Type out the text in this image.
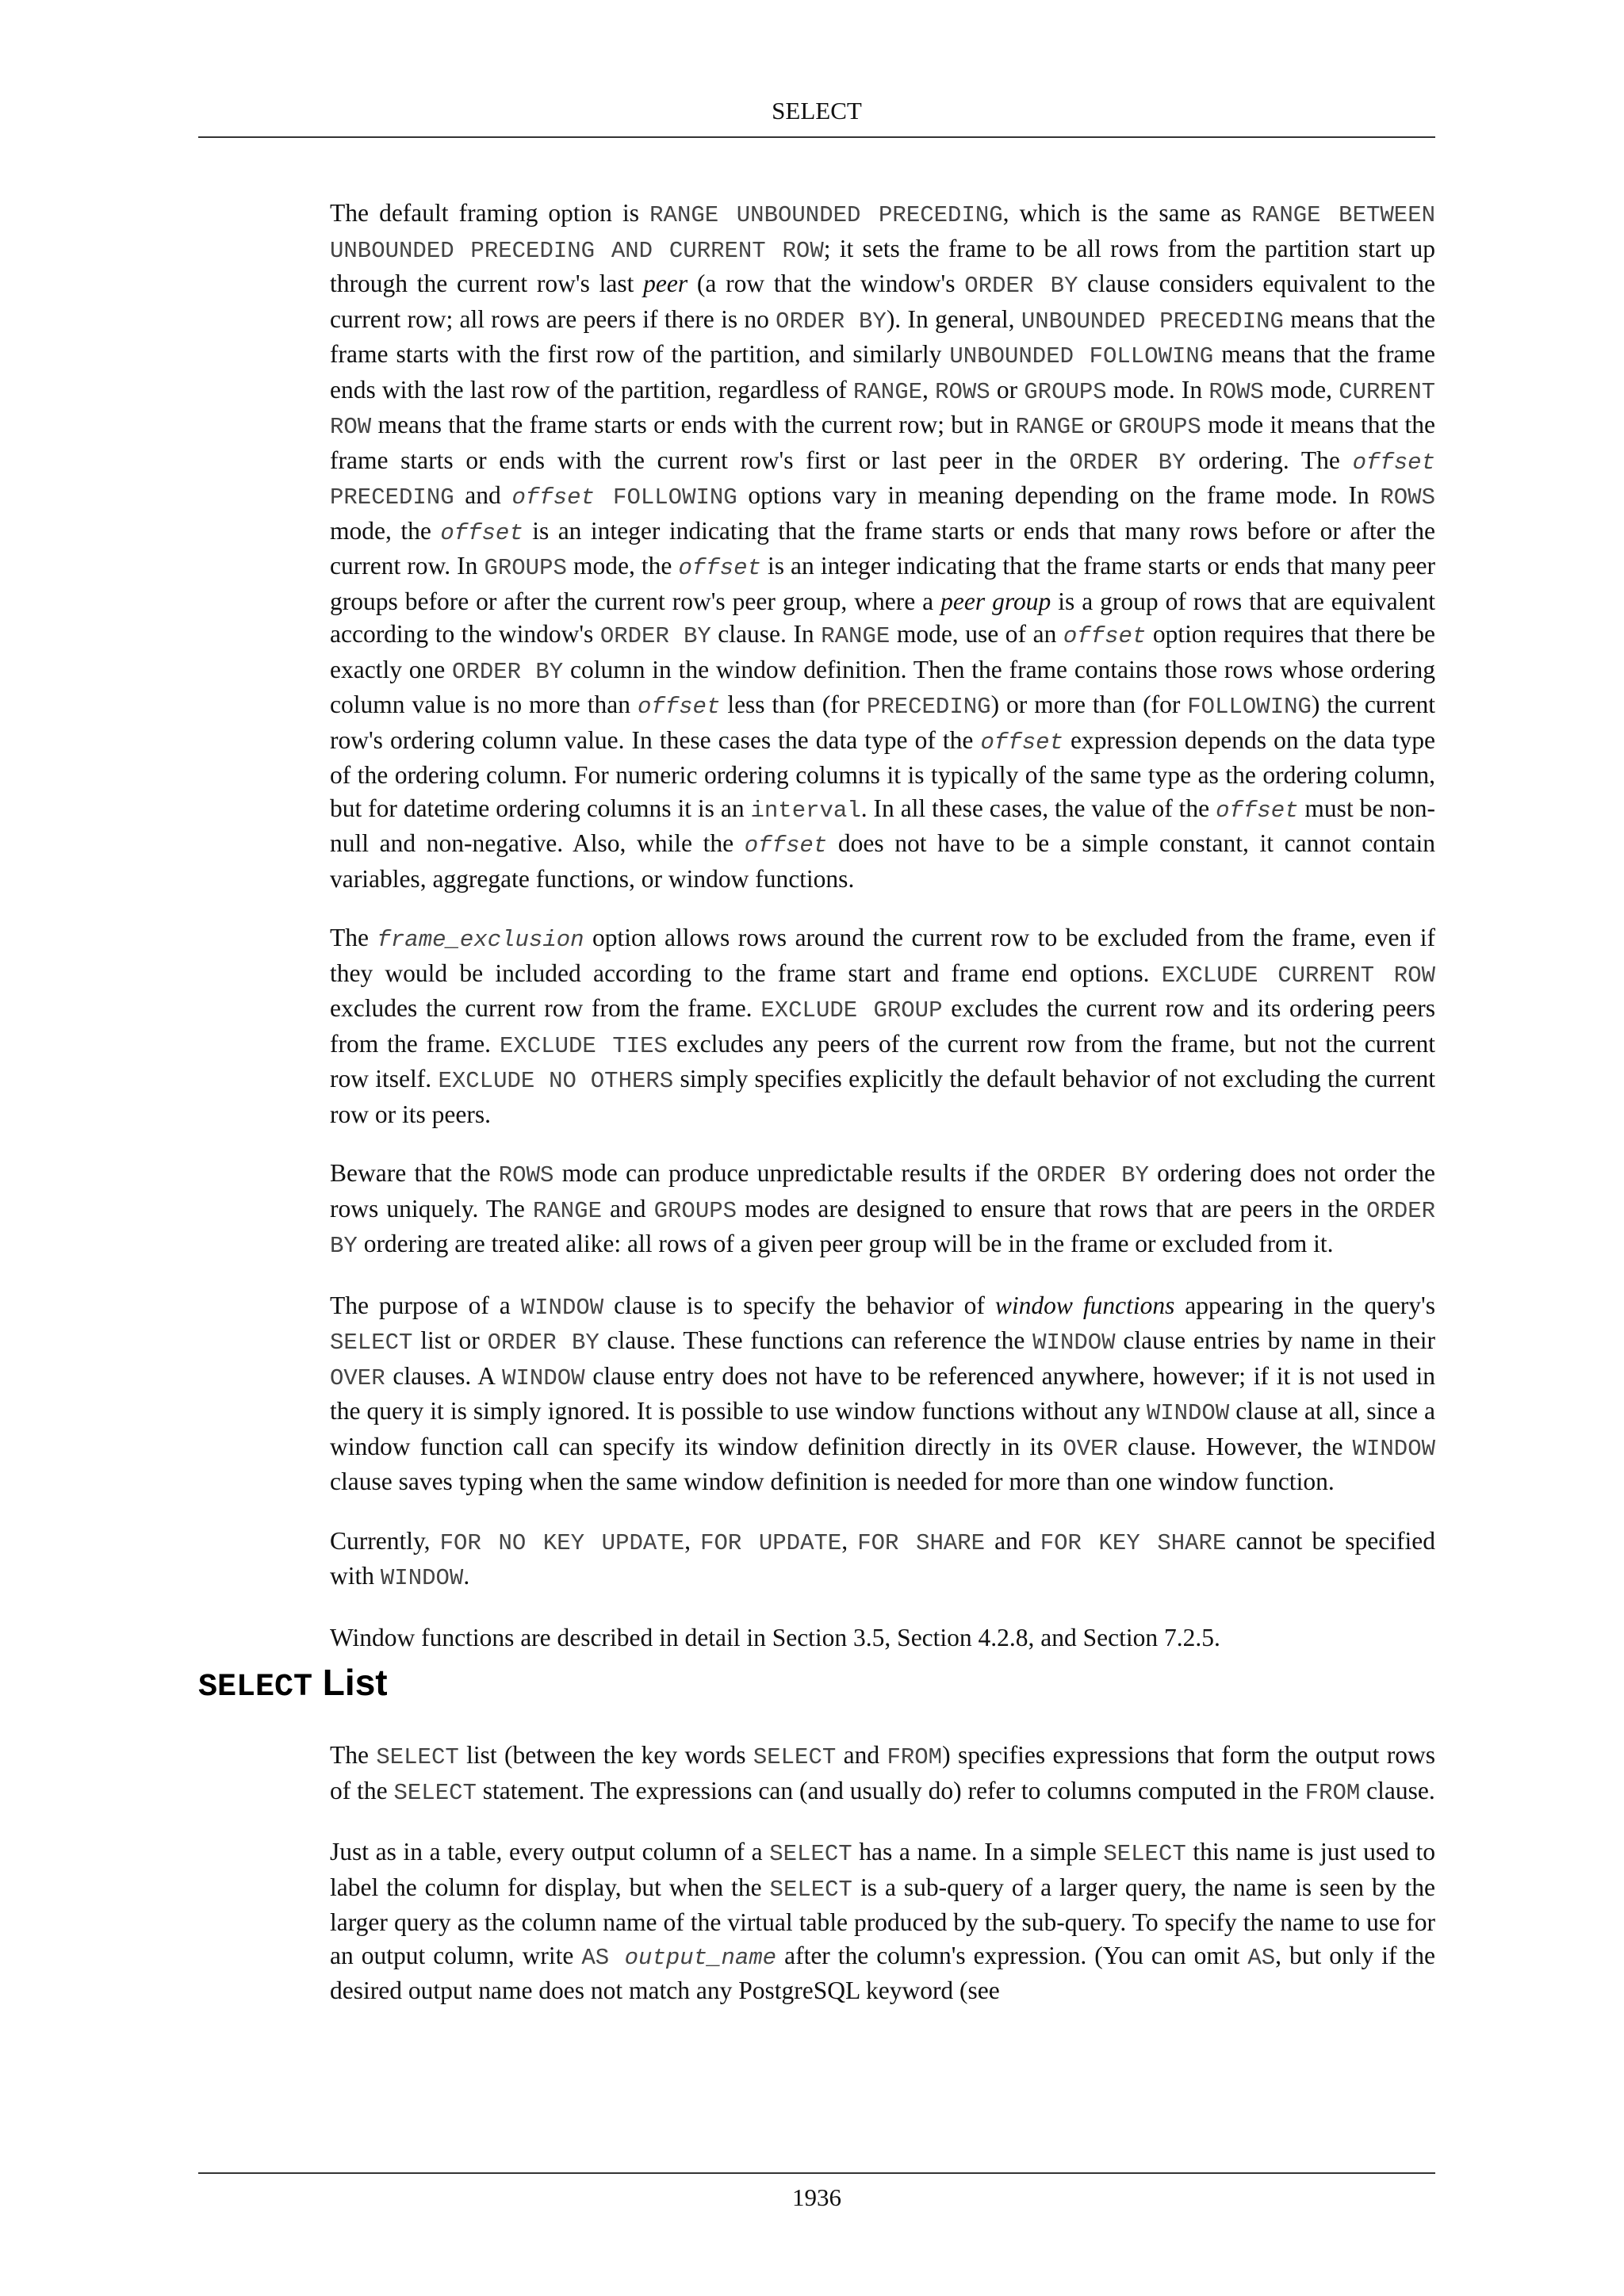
SELECT

The default framing option is RANGE UNBOUNDED PRECEDING, which is the same as RANGE BETWEEN UNBOUNDED PRECEDING AND CURRENT ROW; it sets the frame to be all rows from the partition start up through the current row's last peer (a row that the window's ORDER BY clause considers equivalent to the current row; all rows are peers if there is no ORDER BY). In general, UNBOUNDED PRECEDING means that the frame starts with the first row of the partition, and similarly UNBOUNDED FOLLOWING means that the frame ends with the last row of the partition, regardless of RANGE, ROWS or GROUPS mode. In ROWS mode, CURRENT ROW means that the frame starts or ends with the current row; but in RANGE or GROUPS mode it means that the frame starts or ends with the current row's first or last peer in the ORDER BY ordering. The offset PRECEDING and offset FOLLOWING options vary in meaning depending on the frame mode. In ROWS mode, the offset is an integer indicating that the frame starts or ends that many rows before or after the current row. In GROUPS mode, the offset is an integer indicating that the frame starts or ends that many peer groups before or after the current row's peer group, where a peer group is a group of rows that are equivalent according to the window's ORDER BY clause. In RANGE mode, use of an offset option requires that there be exactly one ORDER BY column in the window definition. Then the frame contains those rows whose ordering column value is no more than offset less than (for PRECEDING) or more than (for FOLLOWING) the current row's ordering column value. In these cases the data type of the offset expression depends on the data type of the ordering column. For numeric ordering columns it is typically of the same type as the ordering column, but for datetime ordering columns it is an interval. In all these cases, the value of the offset must be non-null and non-negative. Also, while the offset does not have to be a simple constant, it cannot contain variables, aggregate functions, or window functions.

The frame_exclusion option allows rows around the current row to be excluded from the frame, even if they would be included according to the frame start and frame end options. EXCLUDE CURRENT ROW excludes the current row from the frame. EXCLUDE GROUP excludes the current row and its ordering peers from the frame. EXCLUDE TIES excludes any peers of the current row from the frame, but not the current row itself. EXCLUDE NO OTHERS simply specifies explicitly the default behavior of not excluding the current row or its peers.

Beware that the ROWS mode can produce unpredictable results if the ORDER BY ordering does not order the rows uniquely. The RANGE and GROUPS modes are designed to ensure that rows that are peers in the ORDER BY ordering are treated alike: all rows of a given peer group will be in the frame or excluded from it.

The purpose of a WINDOW clause is to specify the behavior of window functions appearing in the query's SELECT list or ORDER BY clause. These functions can reference the WINDOW clause entries by name in their OVER clauses. A WINDOW clause entry does not have to be referenced anywhere, however; if it is not used in the query it is simply ignored. It is possible to use window functions without any WINDOW clause at all, since a window function call can specify its window definition directly in its OVER clause. However, the WINDOW clause saves typing when the same window definition is needed for more than one window function.

Currently, FOR NO KEY UPDATE, FOR UPDATE, FOR SHARE and FOR KEY SHARE cannot be specified with WINDOW.

Window functions are described in detail in Section 3.5, Section 4.2.8, and Section 7.2.5.

SELECT List

The SELECT list (between the key words SELECT and FROM) specifies expressions that form the output rows of the SELECT statement. The expressions can (and usually do) refer to columns computed in the FROM clause.

Just as in a table, every output column of a SELECT has a name. In a simple SELECT this name is just used to label the column for display, but when the SELECT is a sub-query of a larger query, the name is seen by the larger query as the column name of the virtual table produced by the sub-query. To specify the name to use for an output column, write AS output_name after the column's expression. (You can omit AS, but only if the desired output name does not match any PostgreSQL keyword (see

1936
